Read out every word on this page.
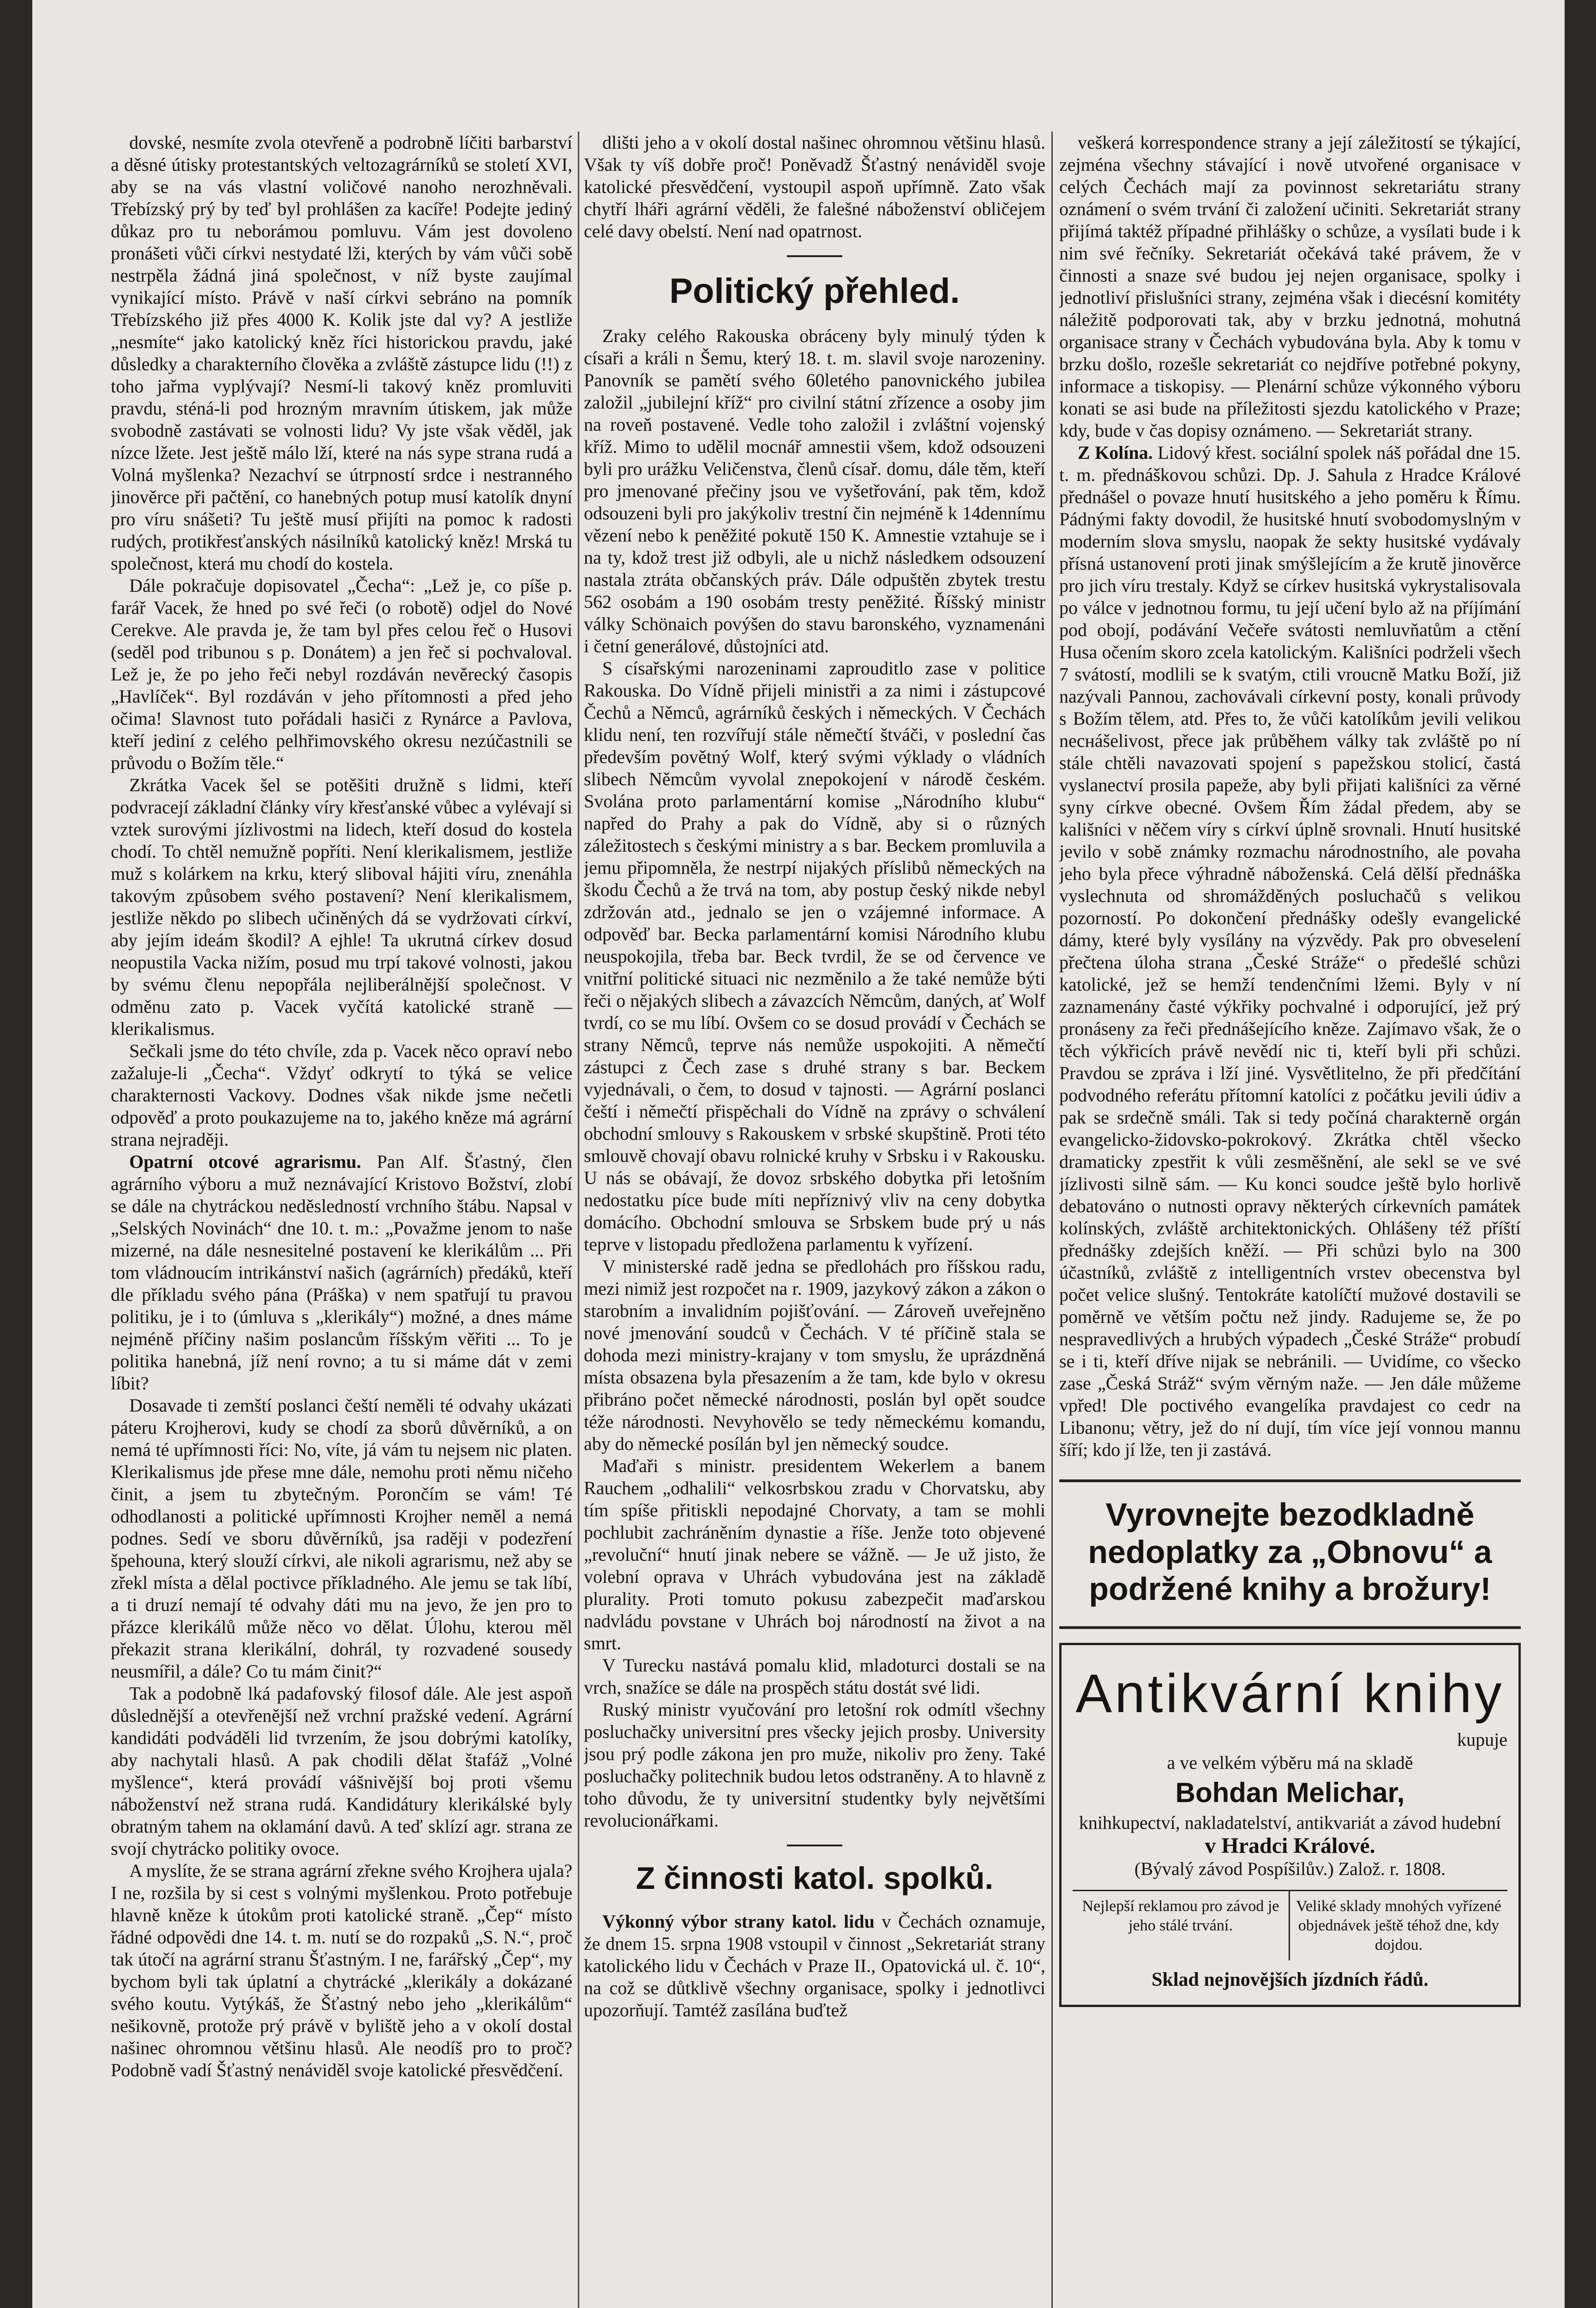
dovské, nesmíte zvola otevřeně a podrobně líčiti barbarství a děsné útisky protestantských veltozagrárníků se století XVI, aby se na vás vlastní voličové nanoho nerozhněvali. Třebízský prý by teď byl prohlášen za kacíře! Podejte jediný důkaz pro tu neborámou pomluvu. Vám jest dovoleno pronášeti vůči církvi nestydaté lži, kterých by vám vůči sobě nestrpěla žádná jiná společnost, v níž byste zaujímal vynikající místo. Právě v naší církvi sebráno na pomník Třebízského již přes 4000 K. Kolik jste dal vy? A jestliže „nesmíte“ jako katolický kněz říci historickou pravdu, jaké důsledky a charakterního člověka a zvláště zástupce lidu (!!) z toho jařma vyplývají? Nesmí-li takový kněz promluviti pravdu, sténá-li pod hrozným mravním útiskem, jak může svobodně zastávati se volnosti lidu? Vy jste však věděl, jak nízce lžete. Jest ještě málo lží, které na nás sype strana rudá a Volná myšlenka? Nezachví se útrpností srdce i nestranného jinověrce při pačtění, co hanebných potup musí katolík dnyní pro víru snášeti? Tu ještě musí přijíti na pomoc k radosti rudých, protikřesťanských násilníků katolický kněz! Mrská tu společnost, která mu chodí do kostela.

Dále pokračuje dopisovatel „Čecha“: „Lež je, co píše p. farář Vacek, že hned po své řeči (o robotě) odjel do Nové Cerekve. Ale pravda je, že tam byl přes celou řeč o Husovi (seděl pod tribunou s p. Donátem) a jen řeč si pochvaloval. Lež je, že po jeho řeči nebyl rozdáván nevěrecký časopis „Havlíček“. Byl rozdáván v jeho přítomnosti a před jeho očima! Slavnost tuto pořádali hasiči z Rynárce a Pavlova, kteří jediní z celého pelhřimovského okresu nezúčastnili se průvodu o Božím těle.“

Zkrátka Vacek šel se potěšiti družně s lidmi, kteří podvracejí základní články víry křesťanské vůbec a vylévají si vztek surovými jízlivostmi na lidech, kteří dosud do kostela chodí. To chtěl nemužně popříti. Není klerikalismem, jestliže muž s kolárkem na krku, který sliboval hájiti víru, znenáhla takovým způsobem svého postavení? Není klerikalismem, jestliže někdo po slibech učiněných dá se vydržovati církví, aby jejím ideám škodil? A ejhle! Ta ukrutná církev dosud neopustila Vacka nižím, posud mu trpí takové volnosti, jakou by svému členu nepopřála nejliberálnější společnost. V odměnu zato p. Vacek vyčítá katolické straně — klerikalismus.

Sečkali jsme do této chvíle, zda p. Vacek něco opraví nebo zažaluje-li „Čecha“. Vždyť odkrytí to týká se velice charakternosti Vackovy. Dodnes však nikde jsme nečetli odpověď a proto poukazujeme na to, jakého kněze má agrární strana nejraději.

Opatrní otcové agrarismu. Pan Alf. Šťastný, člen agrárního výboru a muž neznávající Kristovo Božství, zlobí se dále na chytráckou neděsledností vrchního štábu. Napsal v „Selských Novinách“ dne 10. t. m.: „Považme jenom to naše mizerné, na dále nesnesitelné postavení ke klerikálům ... Při tom vládnoucím intrikánství našich (agrárních) předáků, kteří dle příkladu svého pána (Práška) v nem spatřují tu pravou politiku, je i to (úmluva s „klerikály“) možné, a dnes máme nejméně příčiny našim poslancům říšským věřiti ... To je politika hanebná, jíž není rovno; a tu si máme dát v zemi líbit?

Dosavade ti zemští poslanci čeští neměli té odvahy ukázati páteru Krojherovi, kudy se chodí za sborů důvěrníků, a on nemá té upřímnosti říci: No, víte, já vám tu nejsem nic platen. Klerikalismus jde přese mne dále, nemohu proti němu ničeho činit, a jsem tu zbytečným. Porončím se vám! Té odhodlanosti a politické upřímnosti Krojher neměl a nemá podnes. Sedí ve sboru důvěrníků, jsa raději v podezření špehouna, který slouží církvi, ale nikoli agrarismu, než aby se zřekl místa a dělal poctivce příkladného. Ale jemu se tak líbí, a ti druzí nemají té odvahy dáti mu na jevo, že jen pro to přázce klerikálů může něco vo dělat. Úlohu, kterou měl překazit strana klerikální, dohrál, ty rozvadené sousedy neusmířil, a dále? Co tu mám činit?“

Tak a podobně lká padafovský filosof dále. Ale jest aspoň důslednější a otevřenější než vrchní pražské vedení. Agrární kandidáti podváděli lid tvrzením, že jsou dobrými katolíky, aby nachytali hlasů. A pak chodili dělat štafáž „Volné myšlence“, která provádí vášnivější boj proti všemu náboženství než strana rudá. Kandidátury klerikálské byly obratným tahem na oklamání davů. A teď sklízí agr. strana ze svojí chytrácko politiky ovoce.

A myslíte, že se strana agrární zřekne svého Krojhera ujala? I ne, rozšila by si cest s volnými myšlenkou. Proto potřebuje hlavně kněze k útokům proti katolické straně. „Čep“ místo řádné odpovědi dne 14. t. m. nutí se do rozpaků „S. N.“, proč tak útočí na agrární stranu Šťastným. I ne, farářský „Čep“, my bychom byli tak úplatní a chytrácké „klerikály a dokázané svého koutu. Vytýkáš, že Šťastný nebo jeho „klerikálům“ nešikovně, protože prý právě v byliště jeho a v okolí dostal našinec ohromnou většinu hlasů. Ale neodíš pro to proč? Podobně vadí Šťastný nenáviděl svoje katolické přesvědčení.

dlišti jeho a v okolí dostal našinec ohromnou většinu hlasů. Však ty víš dobře proč! Poněvadž Šťastný nenáviděl svoje katolické přesvědčení, vystoupil aspoň upřímně. Zato však chytří lháři agrární věděli, že falešné náboženství obličejem celé davy obelstí. Není nad opatrnost.

Politický přehled.

Zraky celého Rakouska obráceny byly minulý týden k císaři a králi n Šemu, který 18. t. m. slavil svoje narozeniny. Panovník se pamětí svého 60letého panovnického jubilea založil „jubilejní kříž“ pro civilní státní zřízence a osoby jim na roveň postavené. Vedle toho založil i zvláštní vojenský kříž. Mimo to udělil mocnář amnestii všem, kdož odsouzeni byli pro urážku Veličenstva, členů císař. domu, dále těm, kteří pro jmenované přečiny jsou ve vyšetřování, pak těm, kdož odsouzeni byli pro jakýkoliv trestní čin nejméně k 14dennímu vězení nebo k peněžité pokutě 150 K. Amnestie vztahuje se i na ty, kdož trest již odbyli, ale u nichž následkem odsouzení nastala ztráta občanských práv. Dále odpuštěn zbytek trestu 562 osobám a 190 osobám tresty peněžité. Říšský ministr války Schönaich povýšen do stavu baronského, vyznamenáni i četní generálové, důstojníci atd.

S císařskými narozeninami zaprouditlo zase v politice Rakouska. Do Vídně přijeli ministři a za nimi i zástupcové Čechů a Němců, agrárníků českých i německých. V Čechách klidu není, ten rozvířují stále němečtí štváči, v poslední čas především povětný Wolf, který svými výklady o vládních slibech Němcům vyvolal znepokojení v národě českém. Svolána proto parlamentární komise „Národního klubu“ napřed do Prahy a pak do Vídně, aby si o různých záležitostech s českými ministry a s bar. Beckem promluvila a jemu připomněla, že nestrpí nijakých příslibů německých na škodu Čechů a že trvá na tom, aby postup český nikde nebyl zdržován atd., jednalo se jen o vzájemné informace. A odpověď bar. Becka parlamentární komisi Národního klubu neuspokojila, třeba bar. Beck tvrdil, že se od července ve vnitřní politické situaci nic nezměnilo a že také nemůže býti řeči o nějakých slibech a závazcích Němcům, daných, ať Wolf tvrdí, co se mu líbí. Ovšem co se dosud provádí v Čechách se strany Němců, teprve nás nemůže uspokojiti. A němečtí zástupci z Čech zase s druhé strany s bar. Beckem vyjednávali, o čem, to dosud v tajnosti. — Agrární poslanci čeští i němečtí přispěchali do Vídně na zprávy o schválení obchodní smlouvy s Rakouskem v srbské skupštině. Proti této smlouvě chovají obavu rolnické kruhy v Srbsku i v Rakousku. U nás se obávají, že dovoz srbského dobytka při letošním nedostatku píce bude míti nepříznivý vliv na ceny dobytka domácího. Obchodní smlouva se Srbskem bude prý u nás teprve v listopadu předložena parlamentu k vyřízení.

V ministerské radě jedna se předlohách pro říšskou radu, mezi nimiž jest rozpočet na r. 1909, jazykový zákon a zákon o starobním a invalidním pojišťování. — Zároveň uveřejněno nové jmenování soudců v Čechách. V té příčině stala se dohoda mezi ministry-krajany v tom smyslu, že uprázdněná místa obsazena byla přesazením a že tam, kde bylo v okresu přibráno počet německé národnosti, poslán byl opět soudce téže národnosti. Nevyhovělo se tedy německému komandu, aby do německé posílán byl jen německý soudce.

Maďaři s ministr. presidentem Wekerlem a banem Rauchem „odhalili“ velkosrbskou zradu v Chorvatsku, aby tím spíše přitiskli nepodajné Chorvaty, a tam se mohli pochlubit zachráněním dynastie a říše. Jenže toto objevené „revoluční“ hnutí jinak nebere se vážně. — Je už jisto, že volební oprava v Uhrách vybudována jest na základě plurality. Proti tomuto pokusu zabezpečit maďarskou nadvládu povstane v Uhrách boj národností na život a na smrt.

V Turecku nastává pomalu klid, mladoturci dostali se na vrch, snažíce se dále na prospěch státu dostát své lidi.

Ruský ministr vyučování pro letošní rok odmítl všechny posluchačky universitní pres všecky jejich prosby. University jsou prý podle zákona jen pro muže, nikoliv pro ženy. Také posluchačky politechnik budou letos odstraněny. A to hlavně z toho důvodu, že ty universitní studentky byly největšími revolucionářkami.

Z činnosti katol. spolků.

Výkonný výbor strany katol. lidu v Čechách oznamuje, že dnem 15. srpna 1908 vstoupil v činnost „Sekretariát strany katolického lidu v Čechách v Praze II., Opatovická ul. č. 10“, na což se důtklivě všechny organisace, spolky i jednotlivci upozorňují. Tamtéž zasílána buďtež

veškerá korrespondence strany a její záležitostí se týkající, zejména všechny stávající i nově utvořené organisace v celých Čechách mají za povinnost sekretariátu strany oznámení o svém trvání či založení učiniti. Sekretariát strany přijímá taktéž případné přihlášky o schůze, a vysílati bude i k nim své řečníky. Sekretariát očekává také právem, že v činnosti a snaze své budou jej nejen organisace, spolky i jednotliví přislušníci strany, zejména však i diecésní komitéty náležitě podporovati tak, aby v brzku jednotná, mohutná organisace strany v Čechách vybudována byla. Aby k tomu v brzku došlo, rozešle sekretariát co nejdříve potřebné pokyny, informace a tiskopisy. — Plenární schůze výkonného výboru konati se asi bude na příležitosti sjezdu katolického v Praze; kdy, bude v čas dopisy oznámeno. — Sekretariát strany.

Z Kolína. Lidový křest. sociální spolek náš pořádal dne 15. t. m. přednáškovou schůzi. Dp. J. Sahula z Hradce Králové přednášel o povaze hnutí husitského a jeho poměru k Římu. Pádnými fakty dovodil, že husitské hnutí svobodomyslným v moderním slova smyslu, naopak že sekty husitské vydávaly přísná ustanovení proti jinak smýšlejícím a že krutě jinověrce pro jich víru trestaly. Když se církev husitská vykrystalisovala po válce v jednotnou formu, tu její učení bylo až na příjímání pod obojí, podávání Večeře svátosti nemluvňatům a ctění Husa očením skoro zcela katolickým. Kališníci podrželi všech 7 svátostí, modlili se k svatým, ctili vroucně Matku Boží, již nazývali Pannou, zachovávali církevní posty, konali průvody s Božím tělem, atd. Přes to, že vůči katolíkům jevili velikou neснášelivost, přece jak průběhem války tak zvláště po ní stále chtěli navazovati spojení s papežskou stolicí, častá vyslanectví prosila papeže, aby byli přijati kališníci za věrné syny církve obecné. Ovšem Řím žádal předem, aby se kališníci v něčem víry s církví úplně srovnali. Hnutí husitské jevilo v sobě známky rozmachu národnostního, ale povaha jeho byla přece výhradně náboženská. Celá dělší přednáška vyslechnuta od shromážděných posluchačů s velikou pozorností. Po dokončení přednášky odešly evangelické dámy, které byly vysílány na výzvědy. Pak pro obveselení přečtena úloha strana „České Stráže“ o předešlé schůzi katolické, jež se hemží tendenčními lžemi. Byly v ní zaznamenány časté výkřiky pochvalné i odporující, jež prý pronáseny za řeči přednášejícího kněze. Zajímavo však, že o těch výkřicích právě nevědí nic ti, kteří byli při schůzi. Pravdou se zpráva i lží jiné. Vysvětlitelno, že při předčítání podvodného referátu přítomní katolíci z počátku jevili údiv a pak se srdečně smáli. Tak si tedy počíná charakterně orgán evangelicko-židovsko-pokrokový. Zkrátka chtěl všecko dramaticky zpestřit k vůli zesměšnění, ale sekl se ve své jízlivosti silně sám. — Ku konci soudce ještě bylo horlivě debatováno o nutnosti opravy některých církevních památek kolínských, zvláště architektonických. Ohlášeny též příští přednášky zdejších kněží. — Při schůzi bylo na 300 účastníků, zvláště z intelligentních vrstev obecenstva byl počet velice slušný. Tentokráte katolíčtí mužové dostavili se poměrně ve větším počtu než jindy. Radujeme se, že po nespravedlivých a hrubých výpadech „České Stráže“ probudí se i ti, kteří dříve nijak se nebránili. — Uvidíme, co všecko zase „Česká Stráž“ svým věrným naže. — Jen dále můžeme vpřed! Dle poctivého evangelíka pravdajest co cedr na Libanonu; větry, jež do ní dují, tím více její vonnou mannu šíří; kdo jí lže, ten ji zastává.

Vyrovnejte bezodkladně nedoplatky za „Obnovu“ a podržené knihy a brožury!
Antikvární knihy
kupuje
a ve velkém výběru má na skladě
Bohdan Melichar,
knihkupectví, nakladatelství, antikvariát a závod hudební
v Hradci Králové.
(Bývalý závod Pospíšilův.) Založ. r. 1808.
Nejlepší reklamou pro závod je jeho stálé trvání.
Veliké sklady mnohých vyřízené objednávek ještě téhož dne, kdy dojdou.
Sklad nejnovějších jízdních řádů.
